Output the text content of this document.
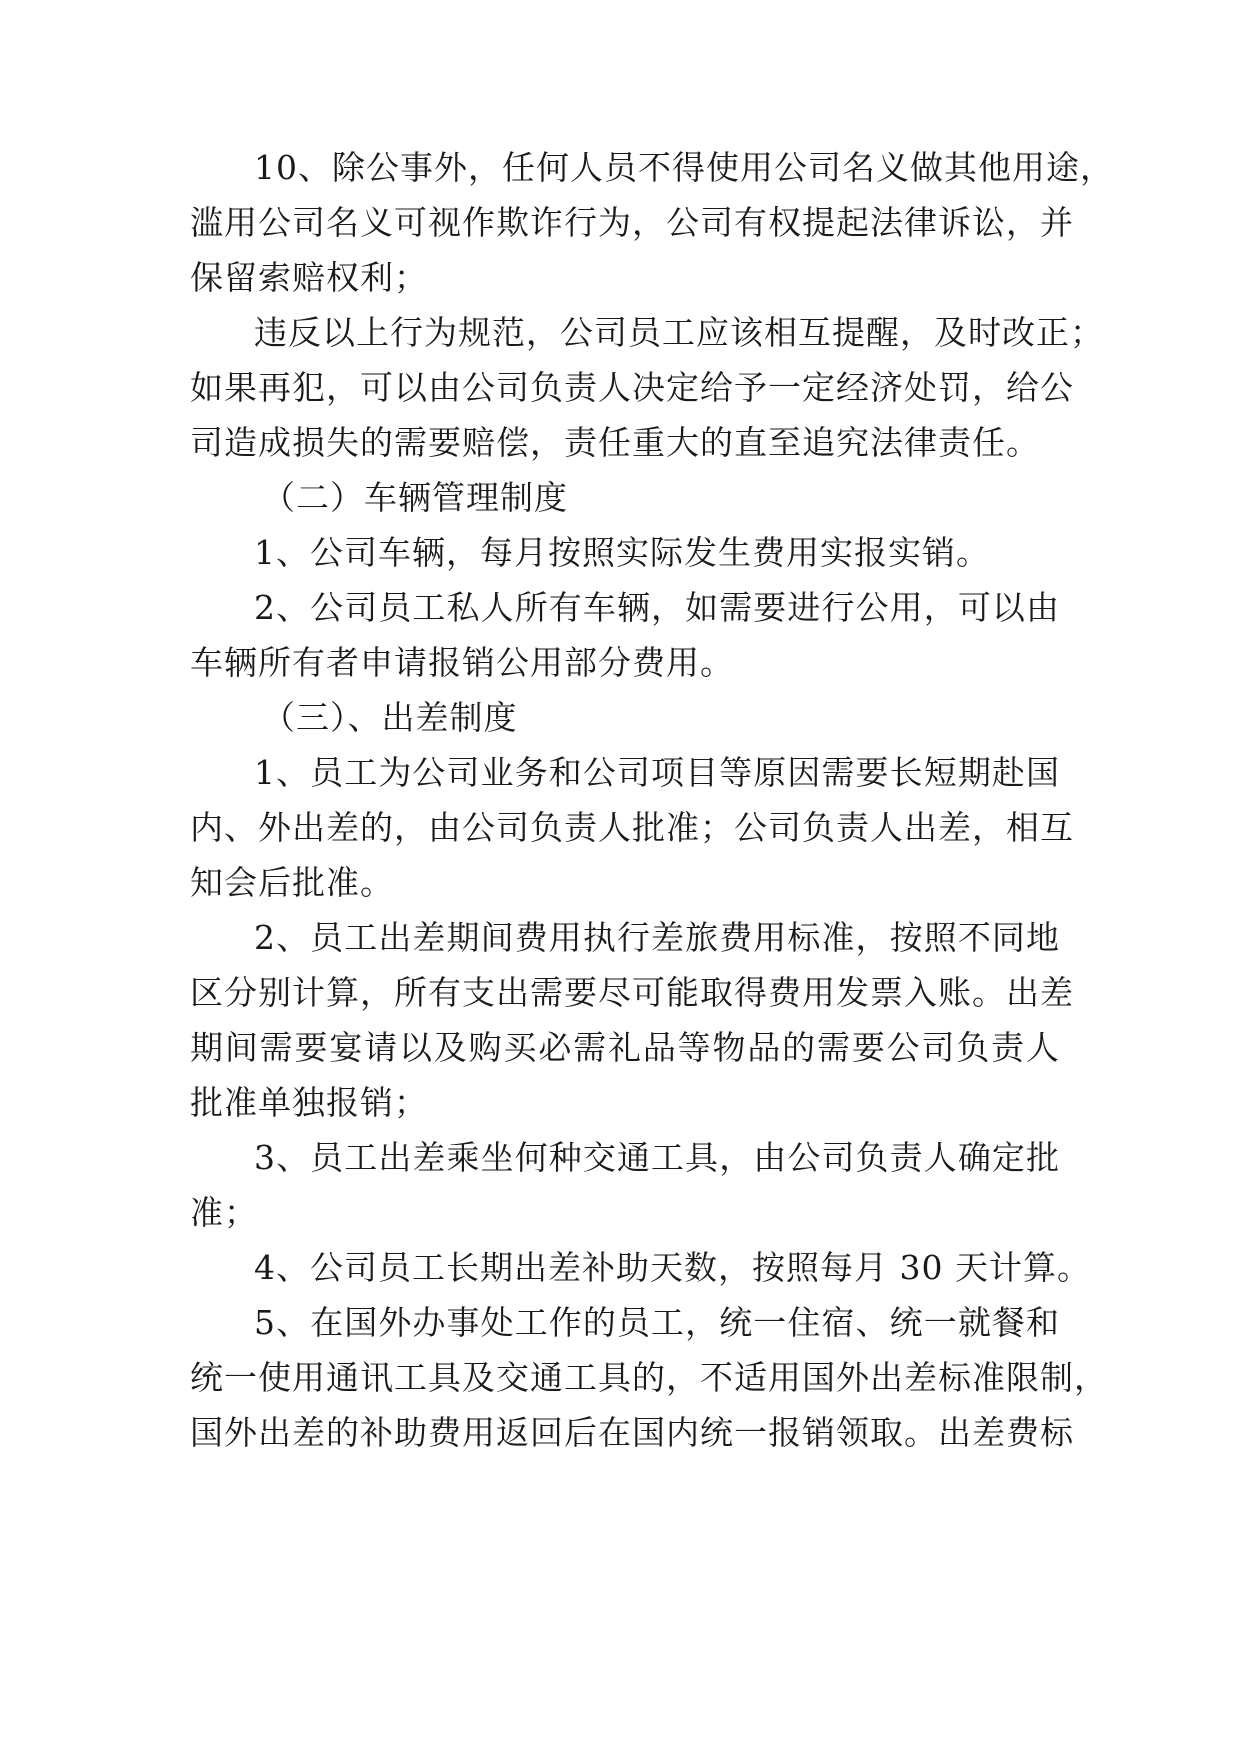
10、除公事外，任何人员不得使用公司名义做其他用途，
滥用公司名义可视作欺诈行为，公司有权提起法律诉讼，并
保留索赔权利；
违反以上行为规范，公司员工应该相互提醒，及时改正；
如果再犯，可以由公司负责人决定给予一定经济处罚，给公
司造成损失的需要赔偿，责任重大的直至追究法律责任。
（二）车辆管理制度
1、公司车辆，每月按照实际发生费用实报实销。
2、公司员工私人所有车辆，如需要进行公用，可以由
车辆所有者申请报销公用部分费用。
（三）、出差制度
1、员工为公司业务和公司项目等原因需要长短期赴国
内、外出差的，由公司负责人批准；公司负责人出差，相互
知会后批准。
2、员工出差期间费用执行差旅费用标准，按照不同地
区分别计算，所有支出需要尽可能取得费用发票入账。出差
期间需要宴请以及购买必需礼品等物品的需要公司负责人
批准单独报销；
3、员工出差乘坐何种交通工具，由公司负责人确定批
准；
4、公司员工长期出差补助天数，按照每月 30 天计算。
5、在国外办事处工作的员工，统一住宿、统一就餐和
统一使用通讯工具及交通工具的，不适用国外出差标准限制，
国外出差的补助费用返回后在国内统一报销领取。出差费标
